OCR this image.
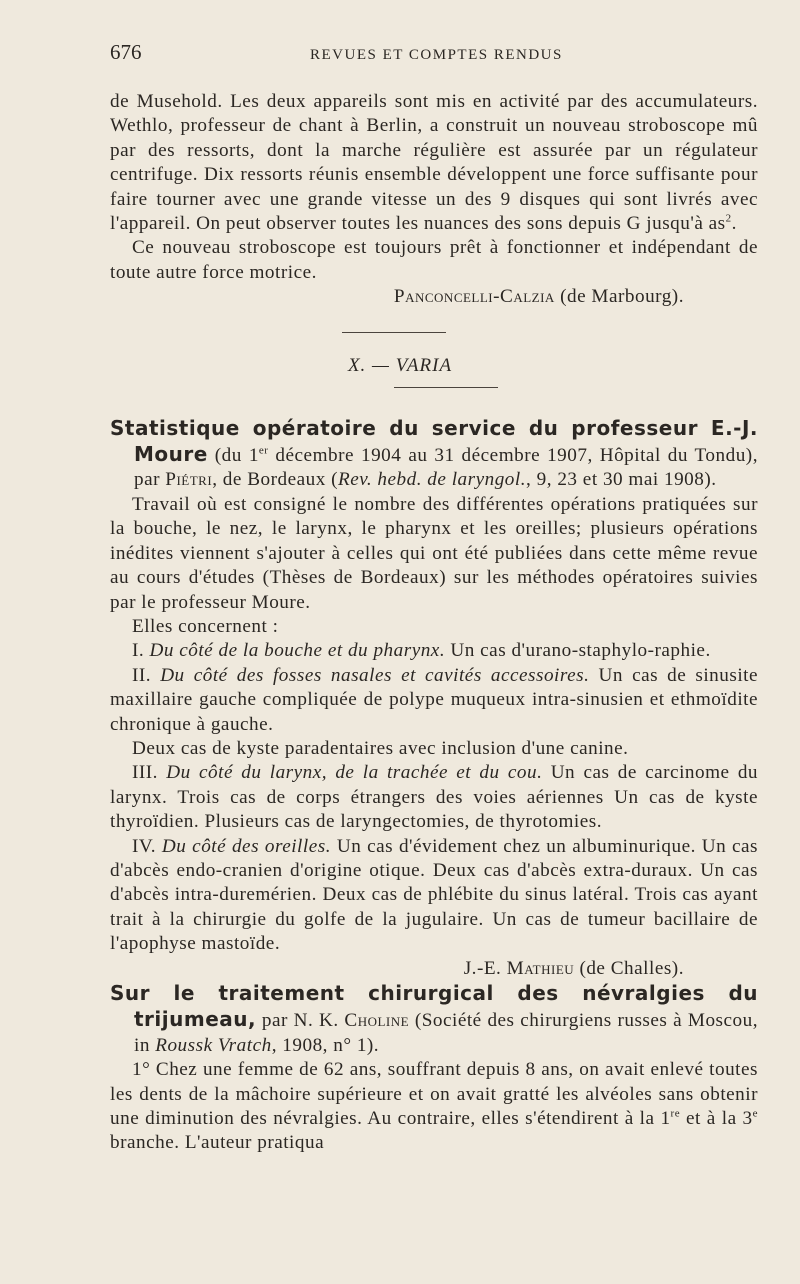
676	REVUES ET COMPTES RENDUS

de Musehold. Les deux appareils sont mis en activité par des accumulateurs. Wethlo, professeur de chant à Berlin, a construit un nouveau stroboscope mû par des ressorts, dont la marche régulière est assurée par un régulateur centrifuge. Dix ressorts réunis ensemble développent une force suffisante pour faire tourner avec une grande vitesse un des 9 disques qui sont livrés avec l'appareil. On peut observer toutes les nuances des sons depuis G jusqu'à $as^2$.

Ce nouveau stroboscope est toujours prêt à fonctionner et indépendant de toute autre force motrice.

Panconcelli-Calzia (de Marbourg).

X. — VARIA

Statistique opératoire du service du professeur E.-J. Moure (du 1er décembre 1904 au 31 décembre 1907, Hôpital du Tondu), par Piétri, de Bordeaux (Rev. hebd. de laryngol., 9, 23 et 30 mai 1908).

Travail où est consigné le nombre des différentes opérations pratiquées sur la bouche, le nez, le larynx, le pharynx et les oreilles; plusieurs opérations inédites viennent s'ajouter à celles qui ont été publiées dans cette même revue au cours d'études (Thèses de Bordeaux) sur les méthodes opératoires suivies par le professeur Moure.

Elles concernent :

I. Du côté de la bouche et du pharynx. Un cas d'urano-staphylo-raphie.

II. Du côté des fosses nasales et cavités accessoires. Un cas de sinusite maxillaire gauche compliquée de polype muqueux intra-sinusien et ethmoïdite chronique à gauche.

Deux cas de kyste paradentaires avec inclusion d'une canine.

III. Du côté du larynx, de la trachée et du cou. Un cas de carcinome du larynx. Trois cas de corps étrangers des voies aériennes Un cas de kyste thyroïdien. Plusieurs cas de laryngectomies, de thyrotomies.

IV. Du côté des oreilles. Un cas d'évidement chez un albuminurique. Un cas d'abcès endo-cranien d'origine otique. Deux cas d'abcès extra-duraux. Un cas d'abcès intra-duremérien. Deux cas de phlébite du sinus latéral. Trois cas ayant trait à la chirurgie du golfe de la jugulaire. Un cas de tumeur bacillaire de l'apophyse mastoïde.

J.-E. Mathieu (de Challes).

Sur le traitement chirurgical des névralgies du trijumeau, par N. K. Choline (Société des chirurgiens russes à Moscou, in Roussk Vratch, 1908, n° 1).

1° Chez une femme de 62 ans, souffrant depuis 8 ans, on avait enlevé toutes les dents de la mâchoire supérieure et on avait gratté les alvéoles sans obtenir une diminution des névralgies. Au contraire, elles s'étendirent à la 1re et à la 3e branche. L'auteur pratiqua
